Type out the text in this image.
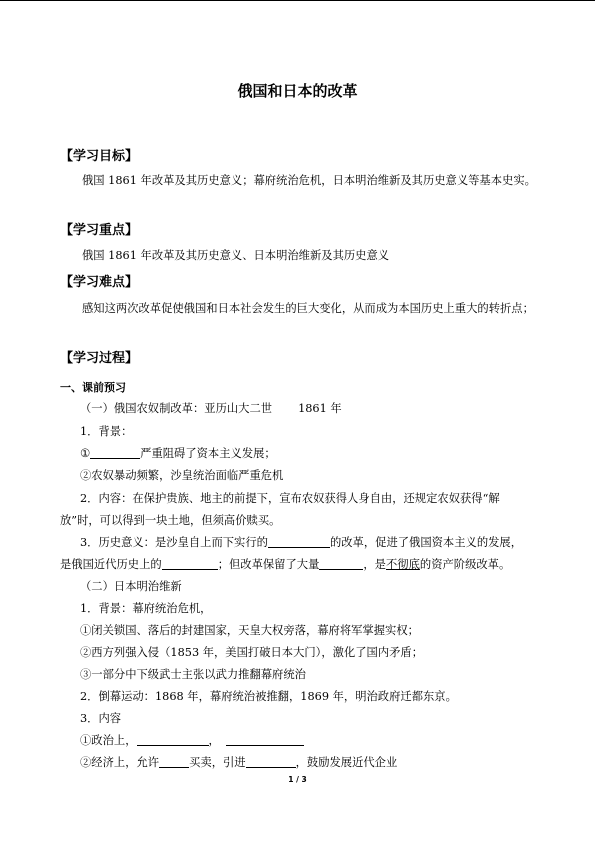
俄国和日本的改革
【学习目标】
俄国 1861 年改革及其历史意义；幕府统治危机，日本明治维新及其历史意义等基本史实。
【学习重点】
俄国 1861 年改革及其历史意义、日本明治维新及其历史意义
【学习难点】
感知这两次改革促使俄国和日本社会发生的巨大变化，从而成为本国历史上重大的转折点；
【学习过程】
一、课前预习
（一）俄国农奴制改革：亚历山大二世 1861 年
1．背景：
①	严重阻碍了资本主义发展；
②农奴暴动频繁，沙皇统治面临严重危机
2．内容：在保护贵族、地主的前提下，宣布农奴获得人身自由，还规定农奴获得“解
放”时，可以得到一块土地，但须高价赎买。
3．历史意义：是沙皇自上而下实行的	的改革，促进了俄国资本主义的发展，
是俄国近代历史上的	；但改革保留了大量	，是不彻底的资产阶级改革。
（二）日本明治维新
1．背景：幕府统治危机，
①闭关锁国、落后的封建国家，天皇大权旁落，幕府将军掌握实权；
②西方列强入侵（1853 年，美国打破日本大门），激化了国内矛盾；
③一部分中下级武士主张以武力推翻幕府统治
2．倒幕运动：1868 年，幕府统治被推翻，1869 年，明治政府迁都东京。
3．内容
①政治上，	，
②经济上，允许	买卖，引进	，鼓励发展近代企业
1 / 3
